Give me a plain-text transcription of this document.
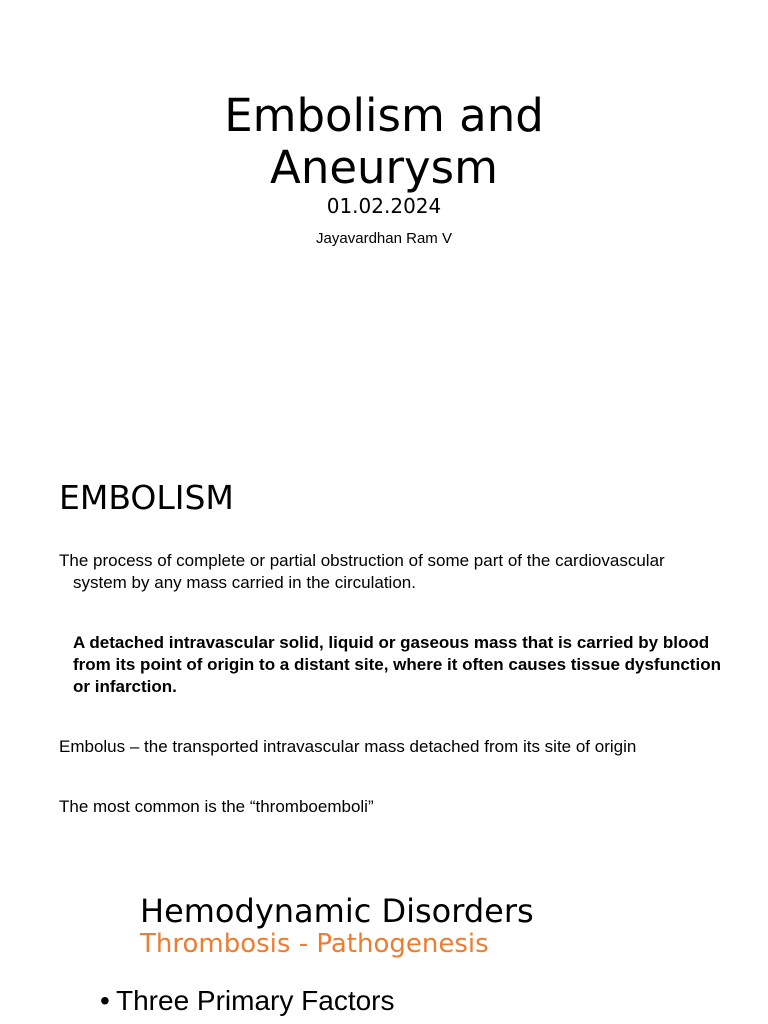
Embolism and
Aneurysm

01.02.2024

Jayavardhan Ram V

EMBOLISM

The process of complete or partial obstruction of some part of the cardiovascular system by any mass carried in the circulation.

A detached intravascular solid, liquid or gaseous mass that is carried by blood from its point of origin to a distant site, where it often causes tissue dysfunction or infarction.

Embolus – the transported intravascular mass detached from its site of origin

The most common is the “thromboemboli”

Hemodynamic Disorders

Thrombosis - Pathogenesis

• Three Primary Factors
